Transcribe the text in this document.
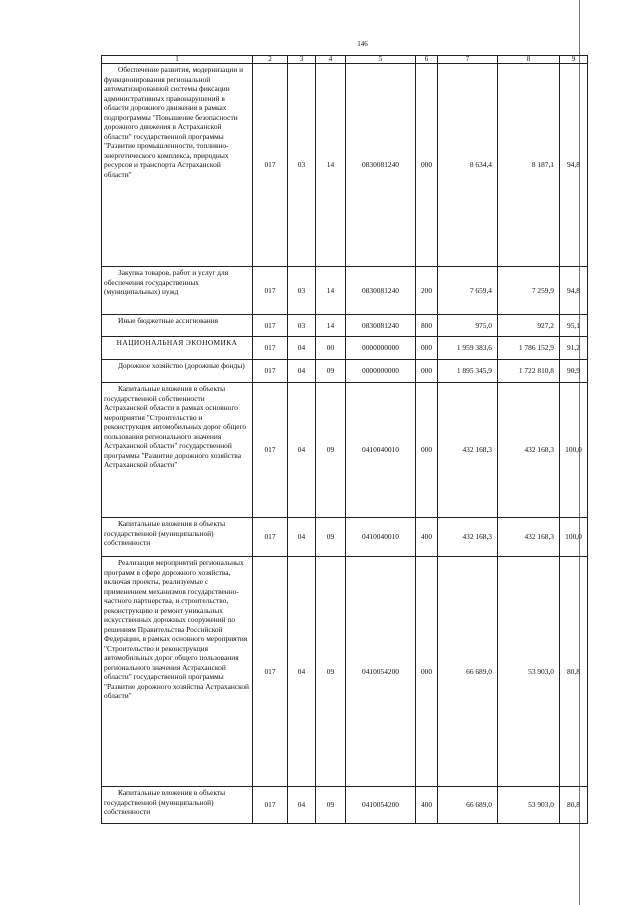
146
1	2	3	4	5	6	7	8	9
Обеспечение развития, модернизации и функционирования региональной автоматизированной системы фиксации административных правонарушений в области дорожного движения в рамках подпрограммы "Повышение безопасности дорожного движения в Астраханской области" государственной программы "Развитие промышленности, топливно-энергетического комплекса, природных ресурсов и транспорта Астраханской области"	017	03	14	0830081240	000	8 634,4	8 187,1	94,8
Закупка товаров, работ и услуг для обеспечения государственных (муниципальных) нужд	017	03	14	0830081240	200	7 659,4	7 259,9	94,8
Иные бюджетные ассигнования	017	03	14	0830081240	800	975,0	927,2	95,1
НАЦИОНАЛЬНАЯ ЭКОНОМИКА	017	04	00	0000000000	000	1 959 383,6	1 786 152,9	91,2
Дорожное хозяйство (дорожные фонды)	017	04	09	0000000000	000	1 895 345,9	1 722 810,8	90,9
Капитальные вложения в объекты государственной собственности Астраханской области в рамках основного мероприятия "Строительство и реконструкция автомобильных дорог общего пользования регионального значения Астраханской области" государственной программы "Развитие дорожного хозяйства Астраханской области"	017	04	09	0410040010	000	432 168,3	432 168,3	100,0
Капитальные вложения в объекты государственной (муниципальной) собственности	017	04	09	0410040010	400	432 168,3	432 168,3	100,0
Реализация мероприятий региональных программ в сфере дорожного хозяйства, включая проекты, реализуемые с применением механизмов государственно-частного партнерства, и строительство, реконструкцию и ремонт уникальных искусственных дорожных сооружений по решениям Правительства Российской Федерации, в рамках основного мероприятия "Строительство и реконструкция автомобильных дорог общего пользования регионального значения Астраханской области" государственной программы "Развитие дорожного хозяйства Астраханской области"	017	04	09	0410054200	000	66 689,0	53 903,0	80,8
Капитальные вложения в объекты государственной (муниципальной) собственности	017	04	09	0410054200	400	66 689,0	53 903,0	80,8
